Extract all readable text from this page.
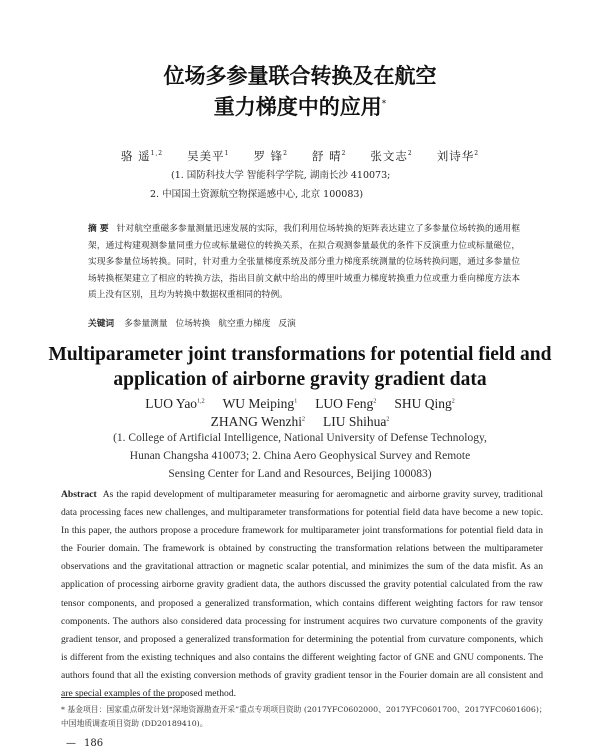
位场多参量联合转换及在航空
重力梯度中的应用*
骆 遥$^{1,2}$ 吴美平$^1$ 罗 锋$^2$ 舒 晴$^2$ 张文志$^2$ 刘诗华$^2$
(1. 国防科技大学 智能科学学院, 湖南长沙 410073;
2. 中国国土资源航空物探遥感中心, 北京 100083)
摘 要 针对航空重磁多参量测量迅速发展的实际，我们利用位场转换的矩阵表达建立了多参量位场转换的通用框架，通过构建观测参量同重力位或标量磁位的转换关系，在拟合观测参量最优的条件下反演重力位或标量磁位，实现多参量位场转换。同时，针对重力全张量梯度系统及部分重力梯度系统测量的位场转换问题，通过多参量位场转换框架建立了相应的转换方法，指出目前文献中给出的傅里叶域重力梯度转换重力位或重力垂向梯度方法本质上没有区别，且均为转换中数据权重相同的特例。
关键词 多参量测量 位场转换 航空重力梯度 反演
Multiparameter joint transformations for potential field and
application of airborne gravity gradient data
LUO Yao$^{1,2}$ WU Meiping$^1$ LUO Feng$^2$ SHU Qing$^2$
ZHANG Wenzhi$^2$ LIU Shihua$^2$
(1. College of Artificial Intelligence, National University of Defense Technology,
Hunan Changsha 410073; 2. China Aero Geophysical Survey and Remote
Sensing Center for Land and Resources, Beijing 100083)
Abstract As the rapid development of multiparameter measuring for aeromagnetic and airborne gravity survey, traditional data processing faces new challenges, and multiparameter transformations for potential field data have become a new topic. In this paper, the authors propose a procedure framework for multiparameter joint transformations for potential field data in the Fourier domain. The framework is obtained by constructing the transformation relations between the multiparameter observations and the gravitational attraction or magnetic scalar potential, and minimizes the sum of the data misfit. As an application of processing airborne gravity gradient data, the authors discussed the gravity potential calculated from the raw tensor components, and proposed a generalized transformation, which contains different weighting factors for raw tensor components. The authors also considered data processing for instrument acquires two curvature components of the gravity gradient tensor, and proposed a generalized transformation for determining the potential from curvature components, which is different from the existing techniques and also contains the different weighting factor of GNE and GNU components. The authors found that all the existing conversion methods of gravity gradient tensor in the Fourier domain are all consistent and are special examples of the proposed method.
* 基金项目：国家重点研发计划“深地资源勘查开采”重点专项项目资助 (2017YFC0602000、2017YFC0601700、2017YFC0601606)；中国地质调查项目资助 (DD20189410)。
— 186
